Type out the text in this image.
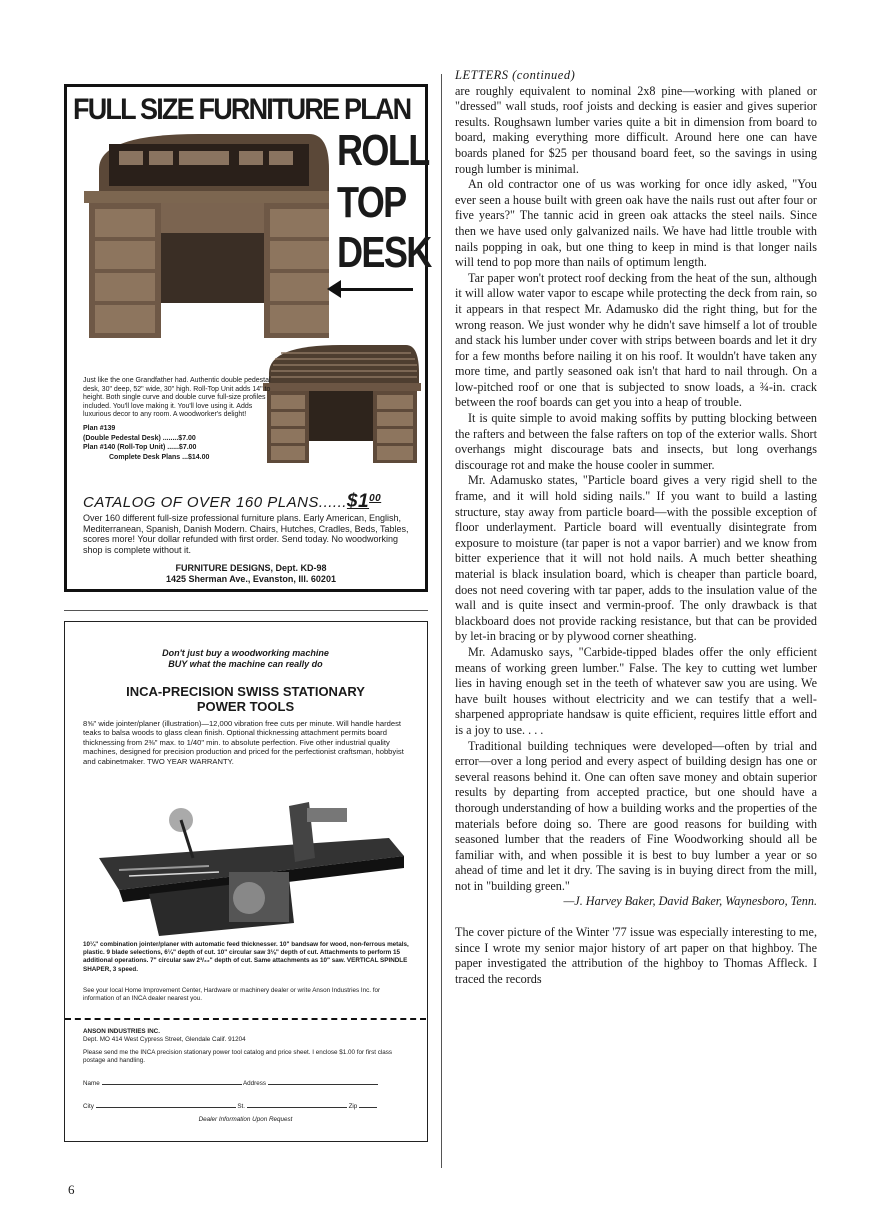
FULL SIZE FURNITURE PLAN
ROLL
TOP
DESK
Just like the one Grandfather had. Authentic double pedestal desk, 30" deep, 52" wide, 30" high. Roll-Top Unit adds 14" to height. Both single curve and double curve full-size profiles included. You'll love making it. You'll love using it. Adds luxurious decor to any room. A woodworker's delight!
Plan #139
(Double Pedestal Desk) ........$7.00
Plan #140 (Roll-Top Unit) ......$7.00
Complete Desk Plans ...$14.00
CATALOG OF OVER 160 $PLANS......\$1^{00}$
Over 160 different full-size professional furniture plans. Early American, English, Mediterranean, Spanish, Danish Modern. Chairs, Hutches, Cradles, Beds, Tables, scores more! Your dollar refunded with first order. Send today. No woodworking shop is complete without it.
FURNITURE DESIGNS, Dept. KD-98
1425 Sherman Ave., Evanston, Ill. 60201
Don't just buy a woodworking machine
BUY what the machine can really do
INCA-PRECISION SWISS STATIONARY
POWER TOOLS
8⅝" wide jointer/planer (illustration)—12,000 vibration free cuts per minute. Will handle hardest teaks to balsa woods to glass clean finish. Optional thicknessing attachment permits board thicknessing from 2⅜" max. to 1/40" min. to absolute perfection. Five other industrial quality machines, designed for precision production and priced for the perfectionist craftsman, hobbyist and cabinetmaker. TWO YEAR WARRANTY.
10¼" combination jointer/planer with automatic feed thicknesser. 10" bandsaw for wood, non-ferrous metals, plastic. 9 blade selections, 6¼" depth of cut. 10" circular saw 3⅛" depth of cut. Attachments to perform 15 additional operations. 7" circular saw 2³/₃₂" depth of cut. Same attachments as 10" saw. VERTICAL SPINDLE SHAPER, 3 speed.
See your local Home Improvement Center, Hardware or machinery dealer or write Anson Industries Inc. for information of an INCA dealer nearest you.
ANSON INDUSTRIES INC.
Dept. MO 414 West Cypress Street, Glendale Calif. 91204
Please send me the INCA precision stationary power tool catalog and price sheet. I enclose $1.00 for first class postage and handling.
Name	Address
City	St.	Zip
Dealer Information Upon Request

LETTERS (continued)

are roughly equivalent to nominal 2x8 pine—working with planed or "dressed" wall studs, roof joists and decking is easier and gives superior results. Roughsawn lumber varies quite a bit in dimension from board to board, making everything more difficult. Around here one can have boards planed for $25 per thousand board feet, so the savings in using rough lumber is minimal.

An old contractor one of us was working for once idly asked, "You ever seen a house built with green oak have the nails rust out after four or five years?" The tannic acid in green oak attacks the steel nails. Since then we have used only galvanized nails. We have had little trouble with nails popping in oak, but one thing to keep in mind is that longer nails will tend to pop more than nails of optimum length.

Tar paper won't protect roof decking from the heat of the sun, although it will allow water vapor to escape while protecting the deck from rain, so it appears in that respect Mr. Adamusko did the right thing, but for the wrong reason. We just wonder why he didn't save himself a lot of trouble and stack his lumber under cover with strips between boards and let it dry for a few months before nailing it on his roof. It wouldn't have taken any more time, and partly seasoned oak isn't that hard to nail through. On a low-pitched roof or one that is subjected to snow loads, a ¾-in. crack between the roof boards can get you into a heap of trouble.

It is quite simple to avoid making soffits by putting blocking between the rafters and between the false rafters on top of the exterior walls. Short overhangs might discourage bats and insects, but long overhangs discourage rot and make the house cooler in summer.

Mr. Adamusko states, "Particle board gives a very rigid shell to the frame, and it will hold siding nails." If you want to build a lasting structure, stay away from particle board—with the possible exception of floor underlayment. Particle board will eventually disintegrate from exposure to moisture (tar paper is not a vapor barrier) and we know from bitter experience that it will not hold nails. A much better sheathing material is black insulation board, which is cheaper than particle board, does not need covering with tar paper, adds to the insulation value of the wall and is quite insect and vermin-proof. The only drawback is that blackboard does not provide racking resistance, but that can be provided by let-in bracing or by plywood corner sheathing.

Mr. Adamusko says, "Carbide-tipped blades offer the only efficient means of working green lumber." False. The key to cutting wet lumber lies in having enough set in the teeth of whatever saw you are using. We have built houses without electricity and we can testify that a well-sharpened appropriate handsaw is quite efficient, requires little effort and is a joy to use. . . .

Traditional building techniques were developed—often by trial and error—over a long period and every aspect of building design has one or several reasons behind it. One can often save money and obtain superior results by departing from accepted practice, but one should have a thorough understanding of how a building works and the properties of the materials before doing so. There are good reasons for building with seasoned lumber that the readers of Fine Woodworking should all be familiar with, and when possible it is best to buy lumber a year or so ahead of time and let it dry. The saving is in buying direct from the mill, not in "building green."

—J. Harvey Baker, David Baker, Waynesboro, Tenn.

The cover picture of the Winter '77 issue was especially interesting to me, since I wrote my senior major history of art paper on that highboy. The paper investigated the attribution of the highboy to Thomas Affleck. I traced the records

6
